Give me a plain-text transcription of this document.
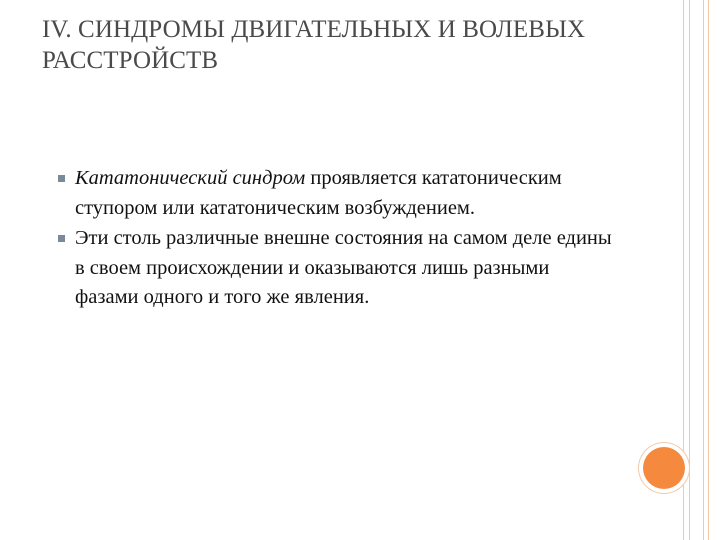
IV. СИНДРОМЫ ДВИГАТЕЛЬНЫХ И ВОЛЕВЫХ РАССТРОЙСТВ
Кататонический синдром проявляется кататоническим ступором или кататоническим возбуждением.
Эти столь различные внешне состояния на самом деле едины в своем происхождении и оказываются лишь разными фазами одного и того же явления.
